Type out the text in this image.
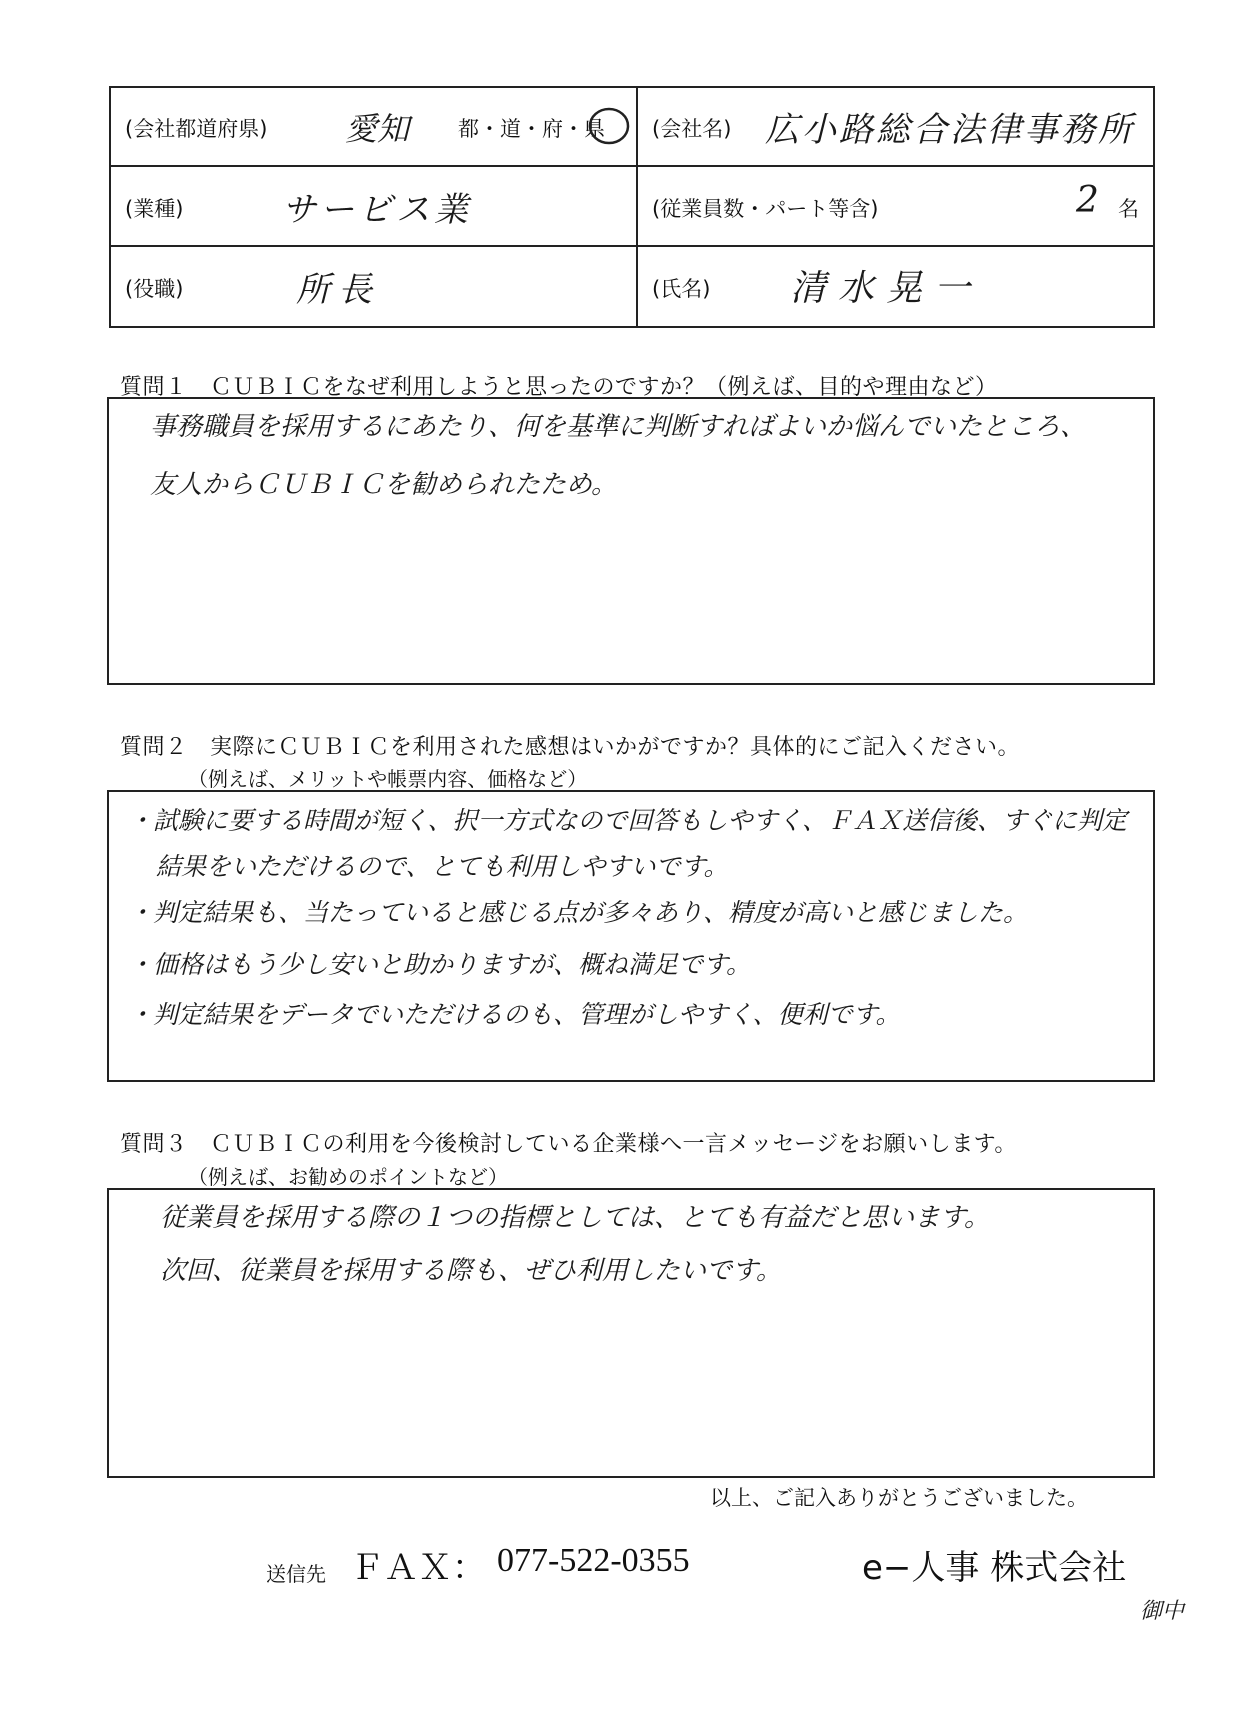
(会社都道府県) 愛知 都・道・府・県 (会社名) 広小路総合法律事務所
(業種)	サービス業	(従業員数・パート等含)	2 名
(役職)	所長	(氏名) 清水晃一
質問１　ＣＵＢＩＣをなぜ利用しようと思ったのですか？（例えば、目的や理由など）
事務職員を採用するにあたり、何を基準に判断すればよいか悩んでいたところ、
友人からＣＵＢＩＣを勧められたため。
質問２　実際にＣＵＢＩＣを利用された感想はいかがですか？具体的にご記入ください。
（例えば、メリットや帳票内容、価格など）
・試験に要する時間が短く、択一方式なので回答もしやすく、ＦＡＸ送信後、すぐに判定
結果をいただけるので、とても利用しやすいです。
・判定結果も、当たっていると感じる点が多々あり、精度が高いと感じました。
・価格はもう少し安いと助かりますが、概ね満足です。
・判定結果をデータでいただけるのも、管理がしやすく、便利です。
質問３　ＣＵＢＩＣの利用を今後検討している企業様へ一言メッセージをお願いします。
（例えば、お勧めのポイントなど）
従業員を採用する際の１つの指標としては、とても有益だと思います。
次回、従業員を採用する際も、ぜひ利用したいです。
以上、ご記入ありがとうございました。
送信先 ＦＡＸ： 077-522-0355	e−人事 株式会社
御中
